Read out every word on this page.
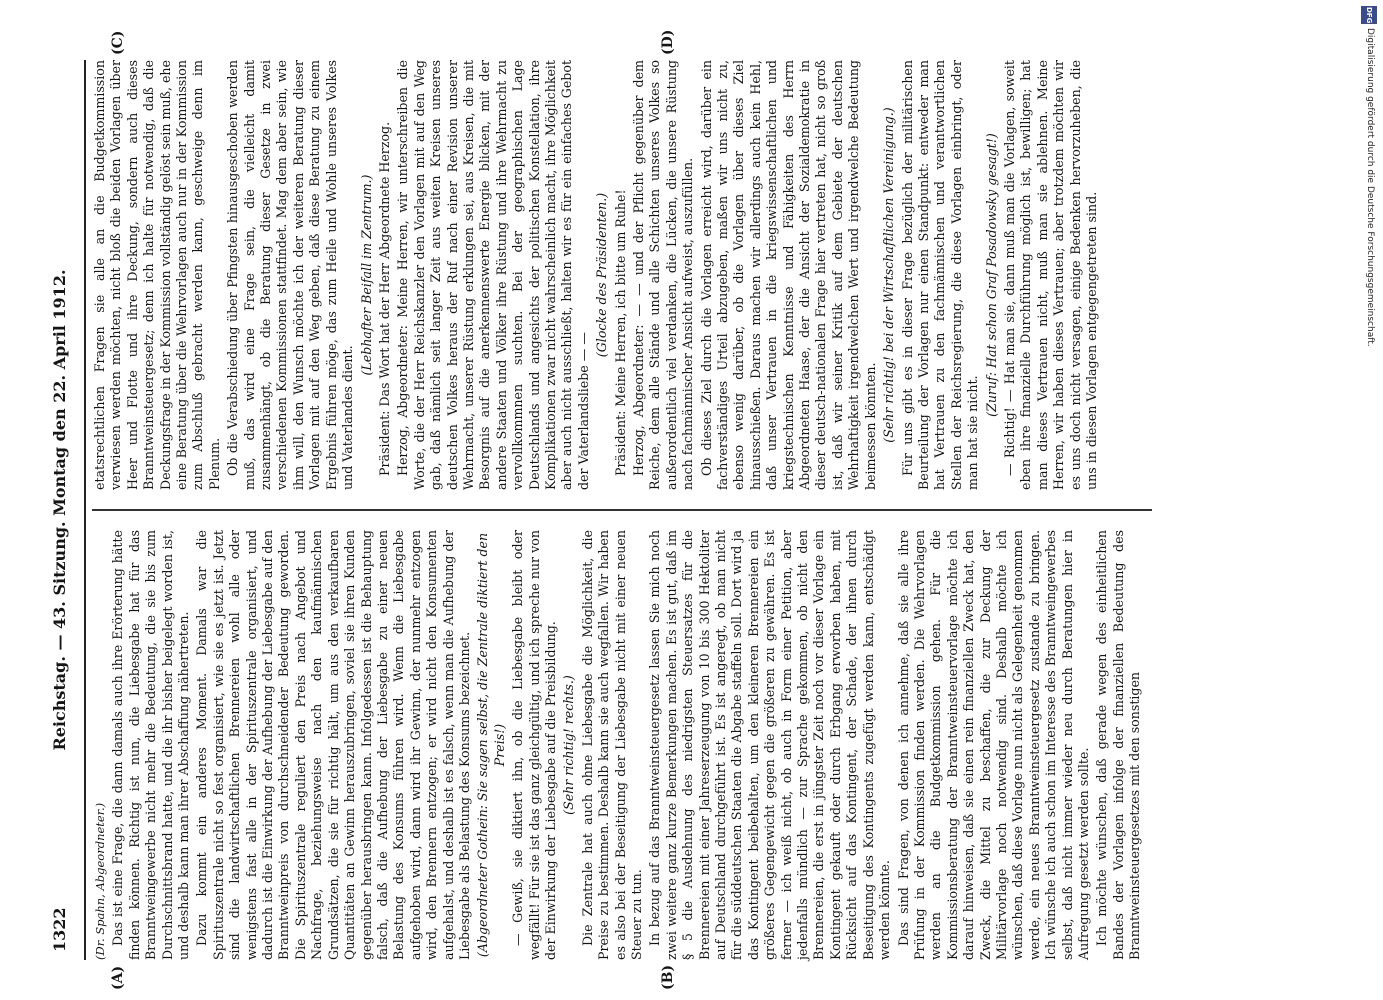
1322
Reichstag. — 43. Sitzung. Montag den 22. April 1912.
(A)	(B)
(C)	(D)

(Dr. Spahn, Abgeordneter.) Das ist eine Frage, die dann damals auch ihre Erörterung hätte finden können. Richtig ist nun, die Liebesgabe hat für das Branntweingewerbe nicht mehr die Bedeutung, die sie bis zum Durchschnittsbrand hatte, und die ihr bisher beigelegt worden ist, und deshalb kann man ihrer Abschaffung nähertreten. Dazu kommt ein anderes Moment. Damals war die Spirituszentrale nicht so fest organisiert, wie sie es jetzt ist. Jetzt sind die landwirtschaftlichen Brennereien wohl alle oder wenigstens fast alle in der Spirituszentrale organisiert, und dadurch ist die Einwirkung der Aufhebung der Liebesgabe auf den Branntweinpreis von durchschneidender Bedeutung geworden. Die Spirituszentrale reguliert den Preis nach Angebot und Nachfrage, beziehungsweise nach den kaufmännischen Grundsätzen, die sie für richtig hält, um aus den verkaufbaren Quantitäten an Gewinn herauszubringen, soviel sie ihren Kunden gegenüber herausbringen kann. Infolgedessen ist die Behauptung falsch, daß die Aufhebung der Liebesgabe zu einer neuen Belastung des Konsums führen wird. Wenn die Liebesgabe aufgehoben wird, dann wird ihr Gewinn, der nunmehr entzogen wird, den Brennern entzogen; er wird nicht den Konsumenten aufgehalst, und deshalb ist es falsch, wenn man die Aufhebung der Liebesgabe als Belastung des Konsums bezeichnet. (Abgeordneter Gothein: Sie sagen selbst, die Zentrale diktiert den Preis!) — Gewiß, sie diktiert ihn, ob die Liebesgabe bleibt oder wegfällt! Für sie ist das ganz gleichgültig, und ich spreche nur von der Einwirkung der Liebesgabe auf die Preisbildung. (Sehr richtig! rechts.) Die Zentrale hat auch ohne Liebesgabe die Möglichkeit, die Preise zu bestimmen. Deshalb kann sie auch wegfallen. Wir haben es also bei der Beseitigung der Liebesgabe nicht mit einer neuen Steuer zu tun. In bezug auf das Branntweinsteuergesetz lassen Sie mich noch zwei weitere ganz kurze Bemerkungen machen. Es ist gut, daß im § 5 die Ausdehnung des niedrigsten Steuersatzes für die Brennereien mit einer Jahreserzeugung von 10 bis 300 Hektoliter auf Deutschland durchgeführt ist. Es ist angeregt, ob man nicht für die süddeutschen Staaten die Abgabe staffeln soll. Dort wird ja das Kontingent beibehalten, um den kleineren Brennereien ein größeres Gegengewicht gegen die größeren zu gewähren. Es ist ferner — ich weiß nicht, ob auch in Form einer Petition, aber jedenfalls mündlich — zur Sprache gekommen, ob nicht den Brennereien, die erst in jüngster Zeit noch vor dieser Vorlage ein Kontingent gekauft oder durch Erbgang erworben haben, mit Rücksicht auf das Kontingent, der Schade, der ihnen durch Beseitigung des Kontingents zugefügt werden kann, entschädigt werden könnte. Das sind Fragen, von denen ich annehme, daß sie alle ihre Prüfung in der Kommission finden werden. Die Wehrvorlagen werden an die Budgetkommission gehen. Für die Kommissionsberatung der Branntweinsteuervorlage möchte ich darauf hinweisen, daß sie einen rein finanziellen Zweck hat, den Zweck, die Mittel zu beschaffen, die zur Deckung der Militärvorlage noch notwendig sind. Deshalb möchte ich wünschen, daß diese Vorlage nun nicht als Gelegenheit genommen werde, ein neues Branntweinsteuergesetz zustande zu bringen. Ich wünsche ich auch schon im Interesse des Branntweingewerbes selbst, daß nicht immer wieder neu durch Beratungen hier in Aufregung gesetzt werden sollte. Ich möchte wünschen, daß gerade wegen des einheitlichen Bandes der Vorlagen infolge der finanziellen Bedeutung des Branntweinsteuergesetzes mit den sonstigen

etatsrechtlichen Fragen sie alle an die Budgetkommission verwiesen werden möchten, nicht bloß die beiden Vorlagen über Heer und Flotte und ihre Deckung, sondern auch dieses Branntweinsteuergesetz; denn ich halte für notwendig, daß die Deckungsfrage in der Kommission vollständig gelöst sein muß, ehe eine Beratung über die Wehrvorlagen auch nur in der Kommission zum Abschluß gebracht werden kann, geschweige denn im Plenum. Ob die Verabschiedung über Pfingsten hinausgeschoben werden muß, das wird eine Frage sein, die vielleicht damit zusammenhängt, ob die Beratung dieser Gesetze in zwei verschiedenen Kommissionen stattfindet. Mag dem aber sein, wie ihm will, den Wunsch möchte ich der weiteren Beratung dieser Vorlagen mit auf den Weg geben, daß diese Beratung zu einem Ergebnis führen möge, das zum Heile und Wohle unseres Volkes und Vaterlandes dient.

(Lebhafter Beifall im Zentrum.) Präsident: Das Wort hat der Herr Abgeordnete Herzog. Herzog, Abgeordneter: Meine Herren, wir unterschreiben die Worte, die der Herr Reichskanzler den Vorlagen mit auf den Weg gab, daß nämlich seit langer Zeit aus weiten Kreisen unseres deutschen Volkes heraus der Ruf nach einer Revision unserer Wehrmacht, unserer Rüstung erklungen sei, aus Kreisen, die mit Besorgnis auf die anerkennenswerte Energie blicken, mit der andere Staaten und Völker ihre Rüstung und ihre Wehrmacht zu vervollkommnen suchten. Bei der geographischen Lage Deutschlands und angesichts der politischen Konstellation, ihre Komplikationen zwar nicht wahrscheinlich macht, ihre Möglichkeit aber auch nicht ausschließt, halten wir es für ein einfaches Gebot der Vaterlandsliebe — —

(Glocke des Präsidenten.) Präsident: Meine Herren, ich bitte um Ruhe! Herzog, Abgeordneter: — — und der Pflicht gegenüber dem Reiche, dem alle Stände und alle Schichten unseres Volkes so außerordentlich viel verdanken, die Lücken, die unsere Rüstung nach fachmännischer Ansicht aufweist, auszufüllen. Ob dieses Ziel durch die Vorlagen erreicht wird, darüber ein fachverständiges Urteil abzugeben, maßen wir uns nicht zu, ebenso wenig darüber, ob die Vorlagen über dieses Ziel hinausschießen. Daraus machen wir allerdings auch kein Hehl, daß unser Vertrauen in die kriegswissenschaftlichen und kriegstechnischen Kenntnisse und Fähigkeiten des Herrn Abgeordneten Haase, der die Ansicht der Sozialdemokratie in dieser deutsch-nationalen Frage hier vertreten hat, nicht so groß ist, daß wir seiner Kritik auf dem Gebiete der deutschen Wehrhaftigkeit irgendwelchen Wert und irgendwelche Bedeutung beimessen könnten. (Sehr richtig! bei der Wirtschaftlichen Vereinigung.) Für uns gibt es in dieser Frage bezüglich der militärischen Beurteilung der Vorlagen nur einen Standpunkt: entweder man hat Vertrauen zu den fachmännischen und verantwortlichen Stellen der Reichsregierung, die diese Vorlagen einbringt, oder man hat sie nicht.

(Zuruf: Hat schon Graf Posadowsky gesagt!) — Richtig! — Hat man sie, dann muß man die Vorlagen, soweit eben ihre finanzielle Durchführung möglich ist, bewilligen; hat man dieses Vertrauen nicht, muß man sie ablehnen. Meine Herren, wir haben dieses Vertrauen; aber trotzdem möchten wir es uns doch nicht versagen, einige Bedenken hervorzuheben, die uns in diesen Vorlagen entgegengetreten sind.

DFG
Digitalisierung gefördert durch die Deutsche Forschungsgemeinschaft.
